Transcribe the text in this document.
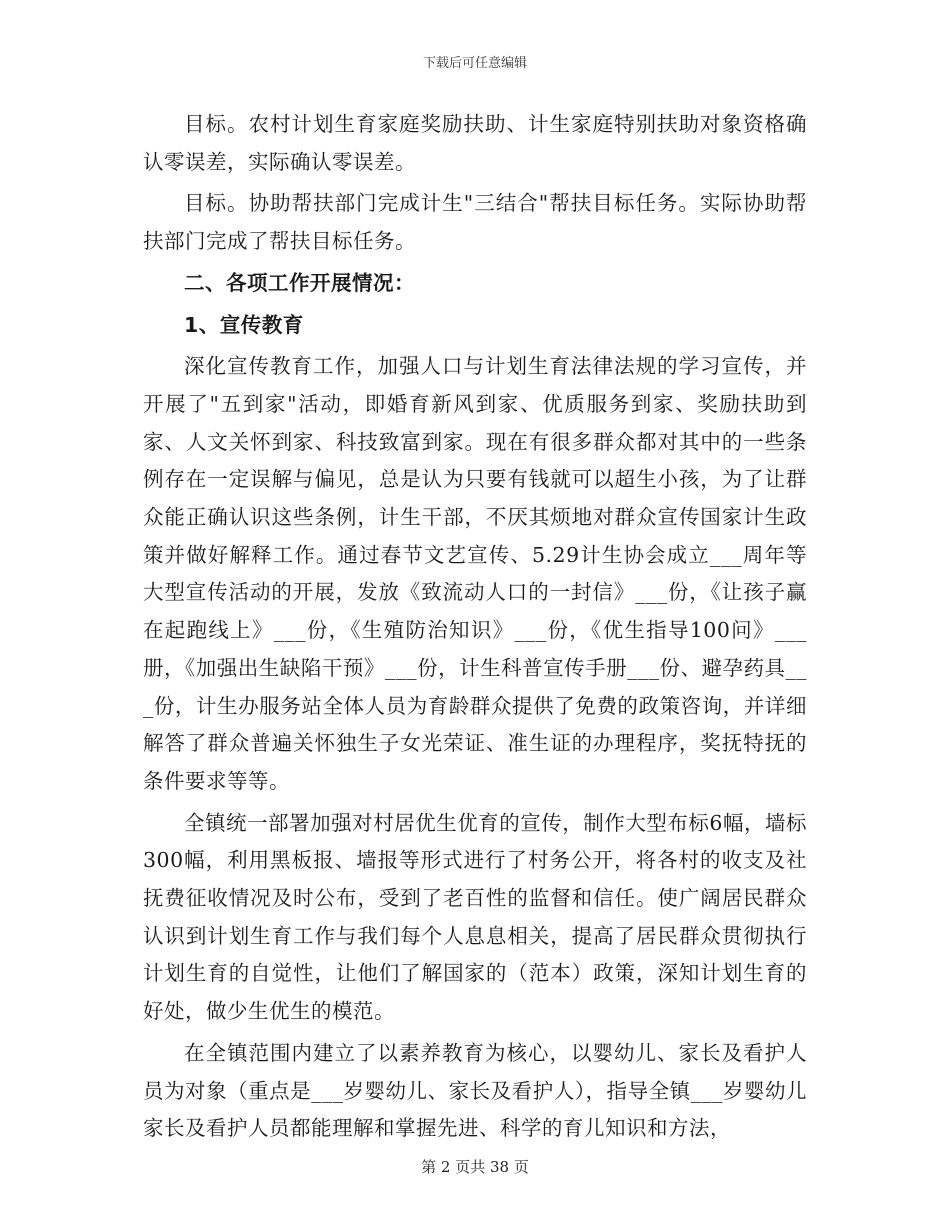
下载后可任意编辑

目标。农村计划生育家庭奖励扶助、计生家庭特别扶助对象资格确认零误差，实际确认零误差。

目标。协助帮扶部门完成计生"三结合"帮扶目标任务。实际协助帮扶部门完成了帮扶目标任务。

二、各项工作开展情况：

1、宣传教育

深化宣传教育工作，加强人口与计划生育法律法规的学习宣传，并开展了"五到家"活动，即婚育新风到家、优质服务到家、奖励扶助到家、人文关怀到家、科技致富到家。现在有很多群众都对其中的一些条例存在一定误解与偏见，总是认为只要有钱就可以超生小孩，为了让群众能正确认识这些条例，计生干部，不厌其烦地对群众宣传国家计生政策并做好解释工作。通过春节文艺宣传、5.29计生协会成立___周年等大型宣传活动的开展，发放《致流动人口的一封信》___份，《让孩子赢在起跑线上》___份，《生殖防治知识》___份，《优生指导100问》___册，《加强出生缺陷干预》___份，计生科普宣传手册___份、避孕药具___份，计生办服务站全体人员为育龄群众提供了免费的政策咨询，并详细解答了群众普遍关怀独生子女光荣证、准生证的办理程序，奖抚特抚的条件要求等等。

全镇统一部署加强对村居优生优育的宣传，制作大型布标6幅，墙标300幅，利用黑板报、墙报等形式进行了村务公开，将各村的收支及社抚费征收情况及时公布，受到了老百性的监督和信任。使广阔居民群众认识到计划生育工作与我们每个人息息相关，提高了居民群众贯彻执行计划生育的自觉性，让他们了解国家的（范本）政策，深知计划生育的好处，做少生优生的模范。

在全镇范围内建立了以素养教育为核心，以婴幼儿、家长及看护人员为对象（重点是___岁婴幼儿、家长及看护人），指导全镇___岁婴幼儿家长及看护人员都能理解和掌握先进、科学的育儿知识和方法，

第 2 页共 38 页
